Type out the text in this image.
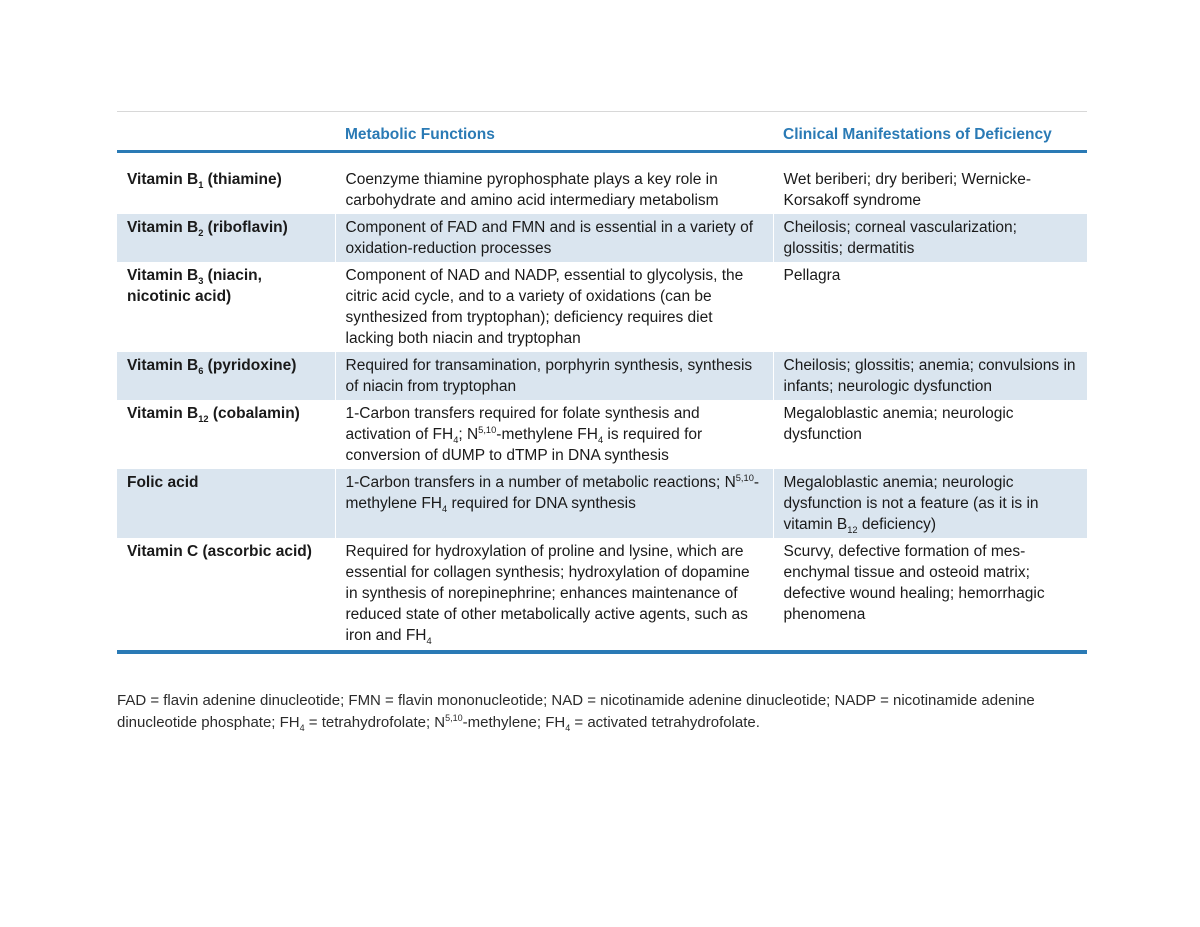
	Metabolic Functions	Clinical Manifestations of Deficiency
Vitamin $B_1$ (thiamine)	Coenzyme thiamine pyrophosphate plays a key role in carbohydrate and amino acid intermediary metabolism	Wet beriberi; dry beriberi; Wernicke-Korsakoff syndrome
Vitamin $B_2$ (riboflavin)	Component of FAD and FMN and is essential in a variety of oxidation-reduction processes	Cheilosis; corneal vascularization; glossitis; dermatitis
Vitamin $B_3$ (niacin, nicotinic acid)	Component of NAD and NADP, essential to glycolysis, the citric acid cycle, and to a variety of oxidations (can be synthesized from tryptophan); deficiency requires diet lacking both niacin and tryptophan	Pellagra
Vitamin $B_6$ (pyridoxine)	Required for transamination, porphyrin synthesis, synthesis of niacin from tryptophan	Cheilosis; glossitis; anemia; convulsions in infants; neurologic dysfunction
Vitamin $B_{12}$ (cobalamin)	1-Carbon transfers required for folate synthesis and activation of $FH_4$; N$^{5,10}$-methylene $FH_4$ is required for conversion of dUMP to dTMP in DNA synthesis	Megaloblastic anemia; neurologic dysfunction
Folic acid	1-Carbon transfers in a number of metabolic reactions; N$^{5,10}$-methylene $FH_4$ required for DNA synthesis	Megaloblastic anemia; neurologic dysfunction is not a feature (as it is in vitamin $B_{12}$ deficiency)
Vitamin C (ascorbic acid)	Required for hydroxylation of proline and lysine, which are essential for collagen synthesis; hydroxylation of dopamine in synthesis of norepinephrine; enhances maintenance of reduced state of other metabolically active agents, such as iron and $FH_4$	Scurvy, defective formation of mes-enchymal tissue and osteoid matrix; defective wound healing; hemorrhagic phenomena
FAD = flavin adenine dinucleotide; FMN = flavin mononucleotide; NAD = nicotinamide adenine dinucleotide; NADP = nicotinamide adenine dinucleotide phosphate; $FH_4$ = tetrahydrofolate; N$^{5,10}$-methylene; $FH_4$ = activated tetrahydrofolate.
